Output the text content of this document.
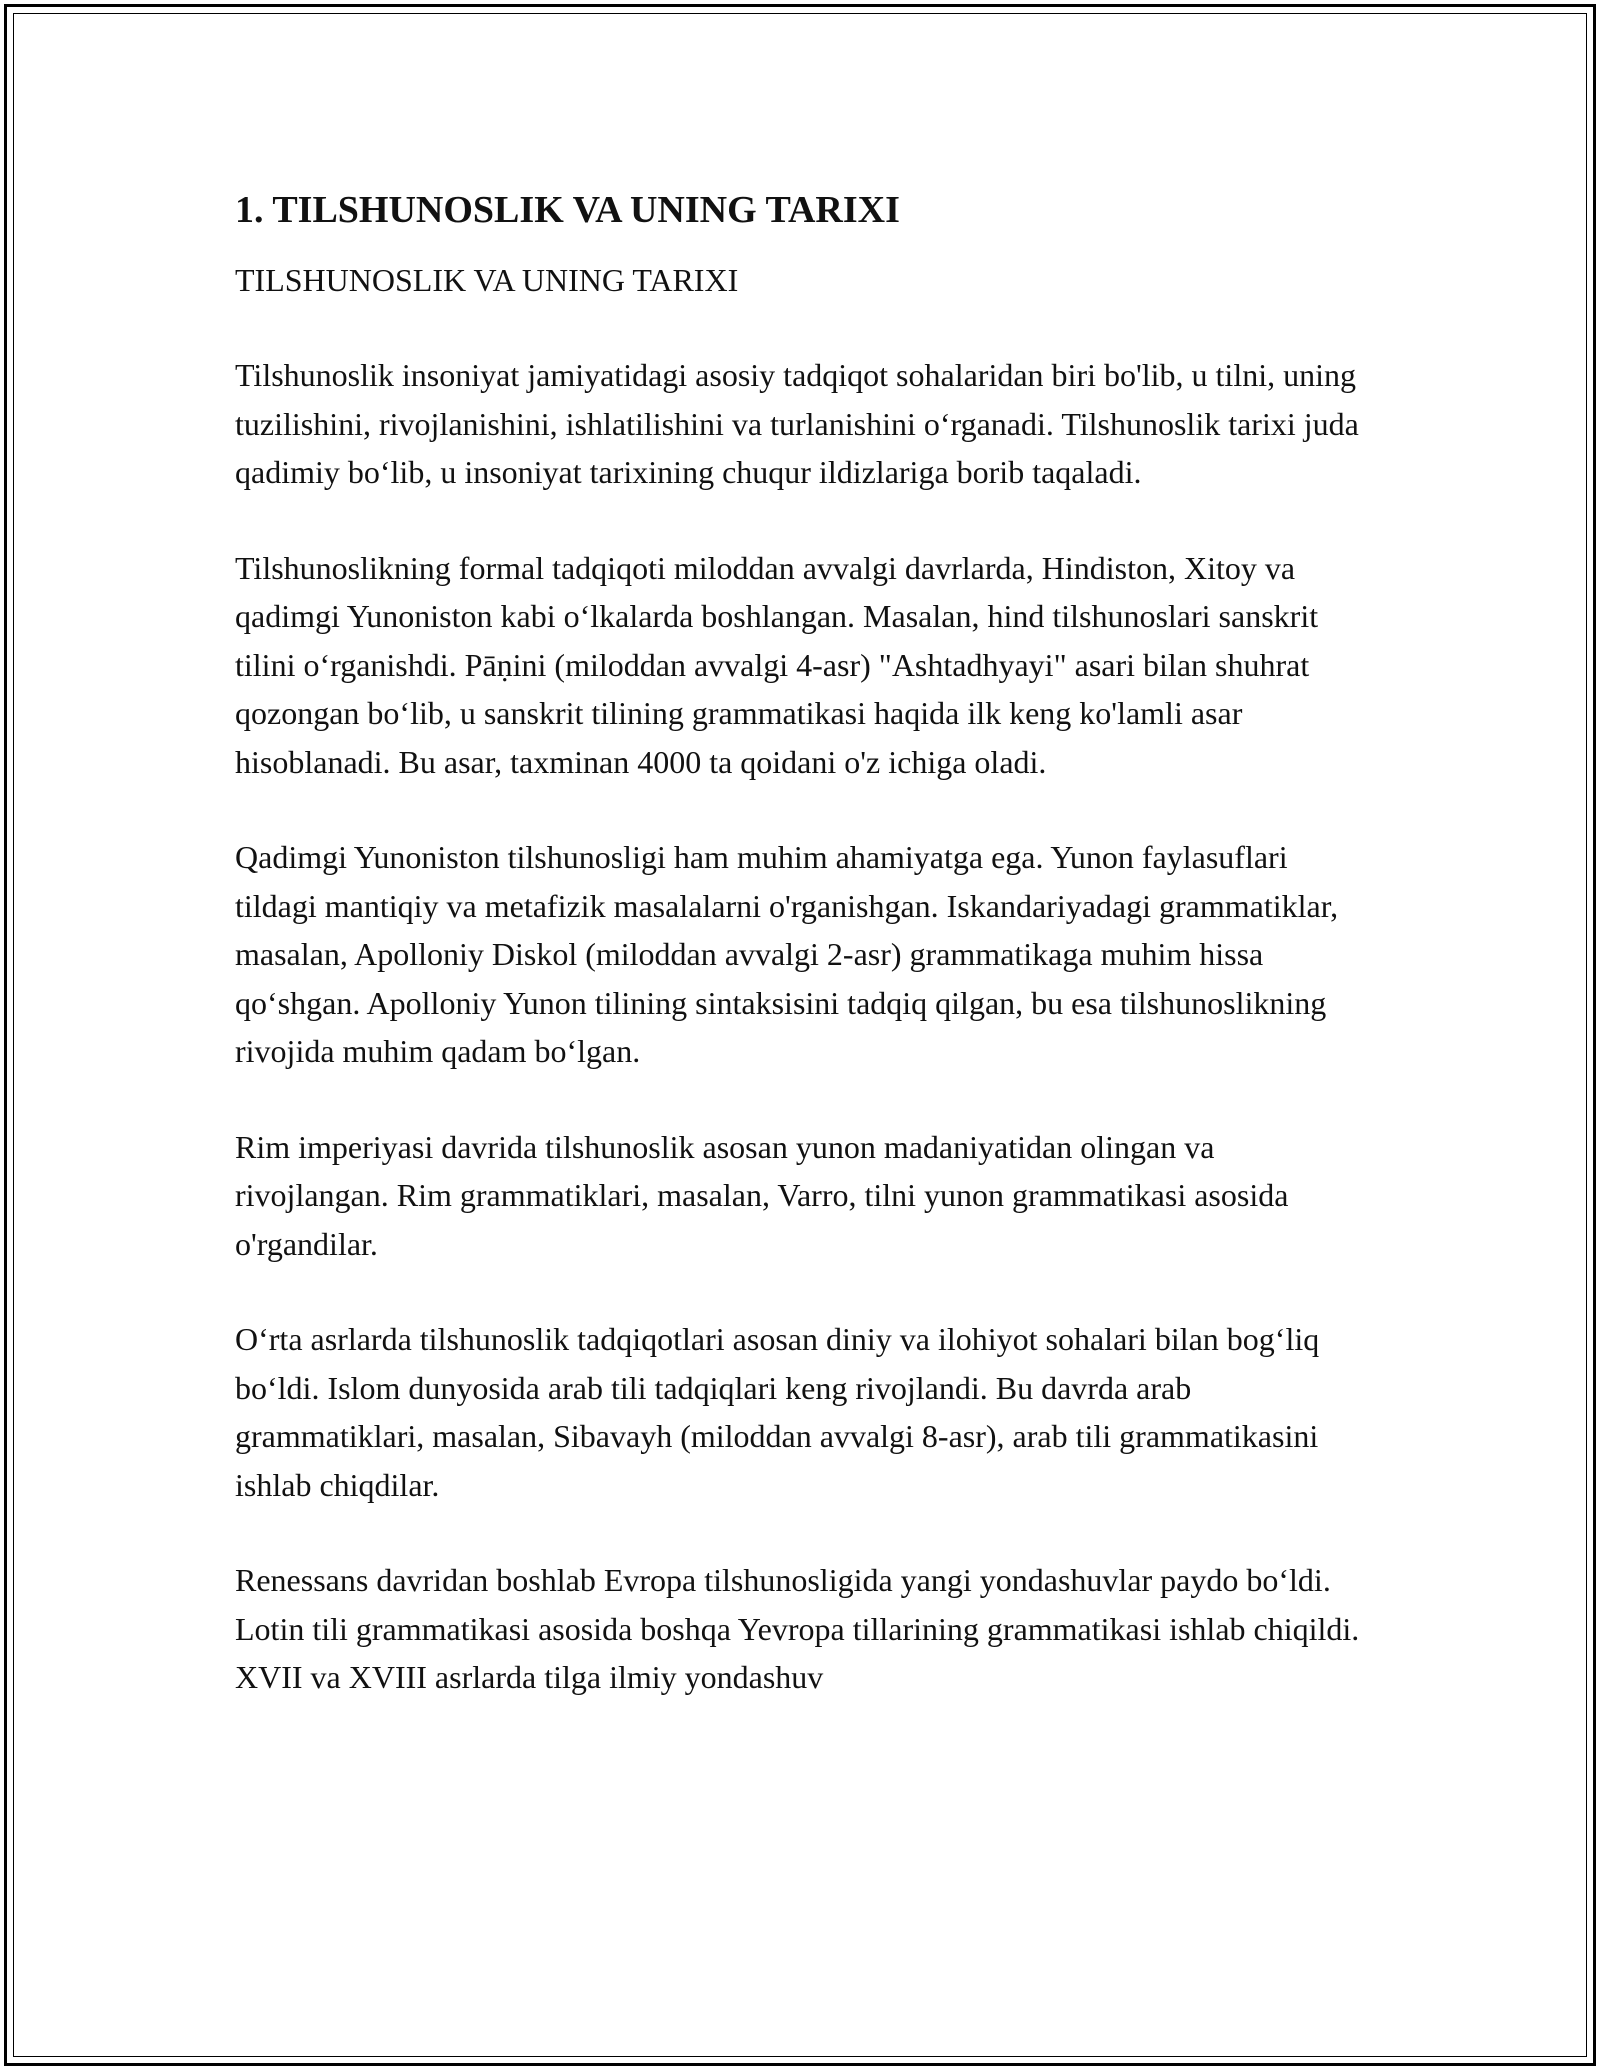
1. TILSHUNOSLIK VA UNING TARIXI

TILSHUNOSLIK VA UNING TARIXI

Tilshunoslik insoniyat jamiyatidagi asosiy tadqiqot sohalaridan biri bo'lib, u tilni, uning tuzilishini, rivojlanishini, ishlatilishini va turlanishini o‘rganadi. Tilshunoslik tarixi juda qadimiy bo‘lib, u insoniyat tarixining chuqur ildizlariga borib taqaladi.

Tilshunoslikning formal tadqiqoti miloddan avvalgi davrlarda, Hindiston, Xitoy va qadimgi Yunoniston kabi o‘lkalarda boshlangan. Masalan, hind tilshunoslari sanskrit tilini o‘rganishdi. Pāṇini (miloddan avvalgi 4-asr) "Ashtadhyayi" asari bilan shuhrat qozongan bo‘lib, u sanskrit tilining grammatikasi haqida ilk keng ko'lamli asar hisoblanadi. Bu asar, taxminan 4000 ta qoidani o'z ichiga oladi.

Qadimgi Yunoniston tilshunosligi ham muhim ahamiyatga ega. Yunon faylasuflari tildagi mantiqiy va metafizik masalalarni o'rganishgan. Iskandariyadagi grammatiklar, masalan, Apolloniy Diskol (miloddan avvalgi 2-asr) grammatikaga muhim hissa qo‘shgan. Apolloniy Yunon tilining sintaksisini tadqiq qilgan, bu esa tilshunoslikning rivojida muhim qadam bo‘lgan.

Rim imperiyasi davrida tilshunoslik asosan yunon madaniyatidan olingan va rivojlangan. Rim grammatiklari, masalan, Varro, tilni yunon grammatikasi asosida o'rgandilar.

O‘rta asrlarda tilshunoslik tadqiqotlari asosan diniy va ilohiyot sohalari bilan bog‘liq bo‘ldi. Islom dunyosida arab tili tadqiqlari keng rivojlandi. Bu davrda arab grammatiklari, masalan, Sibavayh (miloddan avvalgi 8-asr), arab tili grammatikasini ishlab chiqdilar.

Renessans davridan boshlab Evropa tilshunosligida yangi yondashuvlar paydo bo‘ldi. Lotin tili grammatikasi asosida boshqa Yevropa tillarining grammatikasi ishlab chiqildi. XVII va XVIII asrlarda tilga ilmiy yondashuv
